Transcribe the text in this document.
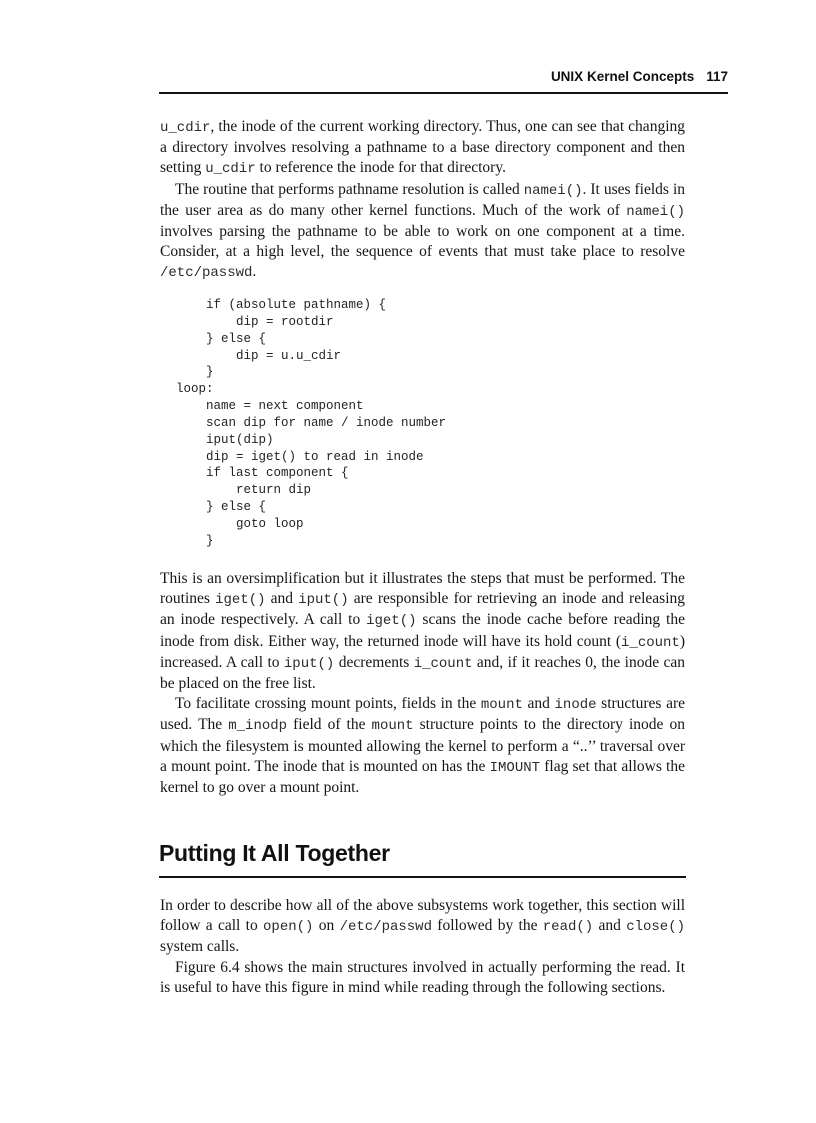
UNIX Kernel Concepts 117

u_cdir, the inode of the current working directory. Thus, one can see that changing a directory involves resolving a pathname to a base directory component and then setting u_cdir to reference the inode for that directory.

The routine that performs pathname resolution is called namei(). It uses fields in the user area as do many other kernel functions. Much of the work of namei() involves parsing the pathname to be able to work on one component at a time. Consider, at a high level, the sequence of events that must take place to resolve /etc/passwd.

if (absolute pathname) {
dip = rootdir
} else {
dip = u.u_cdir
}
loop:
name = next component
scan dip for name / inode number
iput(dip)
dip = iget() to read in inode
if last component {
return dip
} else {
goto loop
}

This is an oversimplification but it illustrates the steps that must be performed. The routines iget() and iput() are responsible for retrieving an inode and releasing an inode respectively. A call to iget() scans the inode cache before reading the inode from disk. Either way, the returned inode will have its hold count (i_count) increased. A call to iput() decrements i_count and, if it reaches 0, the inode can be placed on the free list.

To facilitate crossing mount points, fields in the mount and inode structures are used. The m_inodp field of the mount structure points to the directory inode on which the filesystem is mounted allowing the kernel to perform a “..’’ traversal over a mount point. The inode that is mounted on has the IMOUNT flag set that allows the kernel to go over a mount point.

Putting It All Together

In order to describe how all of the above subsystems work together, this section will follow a call to open() on /etc/passwd followed by the read() and close() system calls.

Figure 6.4 shows the main structures involved in actually performing the read. It is useful to have this figure in mind while reading through the following sections.
